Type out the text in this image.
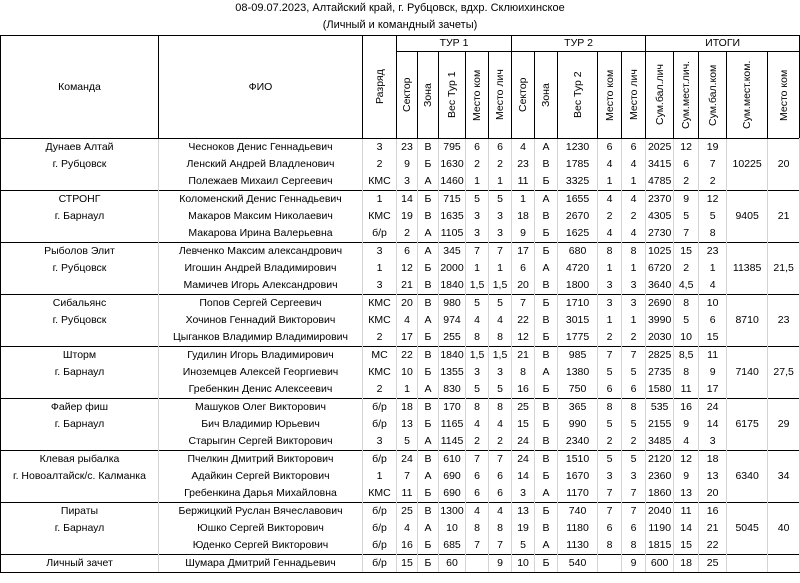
08-09.07.2023, Алтайский край, г. Рубцовск, вдхр. Склюихинское
(Личный и командный зачеты)
Команда	ФИО	Разряд	ТУР 1					ТУР 2					ИТОГИ					

			Сектор	Зона	Вес Тур 1	Место ком	Место лич	Сектор	Зона	Вес Тур 2	Место ком	Место лич	Сум.бал.лич	Сум.мест.лич.	Сум.бал.ком	Сум.мест.ком.	Место ком	

Дунаев Алтай	Чесноков Денис Геннадьевич	3	23	В	795	6	6	4	А	1230	6	6	2025	12	19	10225	20	
г. Рубцовск	Ленский Андрей Владленович	2	9	Б	1630	2	2	23	В	1785	4	4	3415	6	7			
	Полежаев Михаил Сергеевич	КМС	3	А	1460	1	1	11	Б	3325	1	1	4785	2	2			
СТРОНГ	Коломенский Денис Геннадьевич	1	14	Б	715	5	5	1	А	1655	4	4	2370	9	12	9405	21	
г. Барнаул	Макаров Максим Николаевич	КМС	19	В	1635	3	3	18	В	2670	2	2	4305	5	5			
	Макарова Ирина Валерьевна	б/р	2	А	1105	3	3	9	Б	1625	4	4	2730	7	8			
Рыболов Элит	Левченко Максим александрович	3	6	А	345	7	7	17	Б	680	8	8	1025	15	23	11385	21,5	
г. Рубцовск	Игошин Андрей Владимирович	1	12	Б	2000	1	1	6	А	4720	1	1	6720	2	1			
	Мамичев Игорь Александрович	3	21	В	1840	1,5	1,5	20	В	1800	3	3	3640	4,5	4			
Сибальянс	Попов Сергей Сергеевич	КМС	20	В	980	5	5	7	Б	1710	3	3	2690	8	10	8710	23	
г. Рубцовск	Хочинов Геннадий Викторович	КМС	4	А	974	4	4	22	В	3015	1	1	3990	5	6			
	Цыганков Владимир Владимирович	2	17	Б	255	8	8	12	Б	1775	2	2	2030	10	15			
Шторм	Гудилин Игорь Владимирович	МС	22	В	1840	1,5	1,5	21	В	985	7	7	2825	8,5	11	7140	27,5	
г. Барнаул	Иноземцев Алексей Георгиевич	КМС	10	Б	1355	3	3	8	А	1380	5	5	2735	8	9			
	Гребенкин Денис Алексеевич	2	1	А	830	5	5	16	Б	750	6	6	1580	11	17			
Файер фиш	Машуков Олег Викторович	б/р	18	В	170	8	8	25	В	365	8	8	535	16	24	6175	29	
г. Барнаул	Бич Владимир Юрьевич	б/р	13	Б	1165	4	4	15	Б	990	5	5	2155	9	14			
	Старыгин Сергей Викторович	3	5	А	1145	2	2	24	В	2340	2	2	3485	4	3			
Клевая рыбалка	Пчелкин Дмитрий Викторович	б/р	24	В	610	7	7	24	В	1510	5	5	2120	12	18	6340	34	
г. Новоалтайск/с. Калманка	Адайкин Сергей Викторович	1	7	А	690	6	6	14	Б	1670	3	3	2360	9	13			
	Гребенкина Дарья Михайловна	КМС	11	Б	690	6	6	3	А	1170	7	7	1860	13	20			
Пираты	Бержицкий Руслан Вячеславович	б/р	25	В	1300	4	4	13	Б	740	7	7	2040	11	16	5045	40	
г. Барнаул	Юшко Сергей Викторович	б/р	4	А	10	8	8	19	В	1180	6	6	1190	14	21			
	Юденко Сергей Викторович	б/р	16	Б	685	7	7	5	А	1130	8	8	1815	15	22			
Личный зачет	Шумара Дмитрий Геннадьевич	б/р	15	Б	60		9	10	Б	540		9	600	18	25			
